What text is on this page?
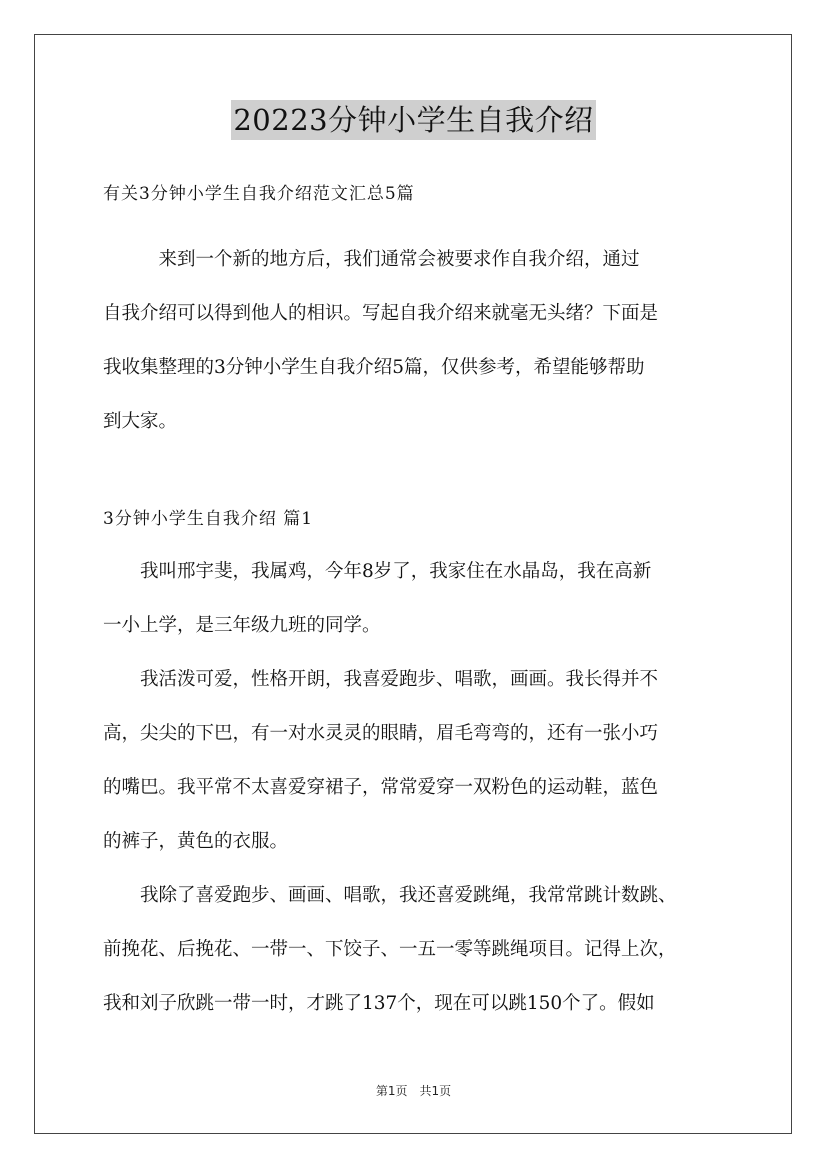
20223分钟小学生自我介绍
有关3分钟小学生自我介绍范文汇总5篇
　　　来到一个新的地方后，我们通常会被要求作自我介绍，通过
自我介绍可以得到他人的相识。写起自我介绍来就毫无头绪？下面是
我收集整理的3分钟小学生自我介绍5篇，仅供参考，希望能够帮助
到大家。
3分钟小学生自我介绍 篇1
　　我叫邢宇斐，我属鸡，今年8岁了，我家住在水晶岛，我在高新
一小上学，是三年级九班的同学。
　　我活泼可爱，性格开朗，我喜爱跑步、唱歌，画画。我长得并不
高，尖尖的下巴，有一对水灵灵的眼睛，眉毛弯弯的，还有一张小巧
的嘴巴。我平常不太喜爱穿裙子，常常爱穿一双粉色的运动鞋，蓝色
的裤子，黄色的衣服。
　　我除了喜爱跑步、画画、唱歌，我还喜爱跳绳，我常常跳计数跳、
前挽花、后挽花、一带一、下饺子、一五一零等跳绳项目。记得上次，
我和刘子欣跳一带一时，才跳了137个，现在可以跳150个了。假如
第1页 共1页
